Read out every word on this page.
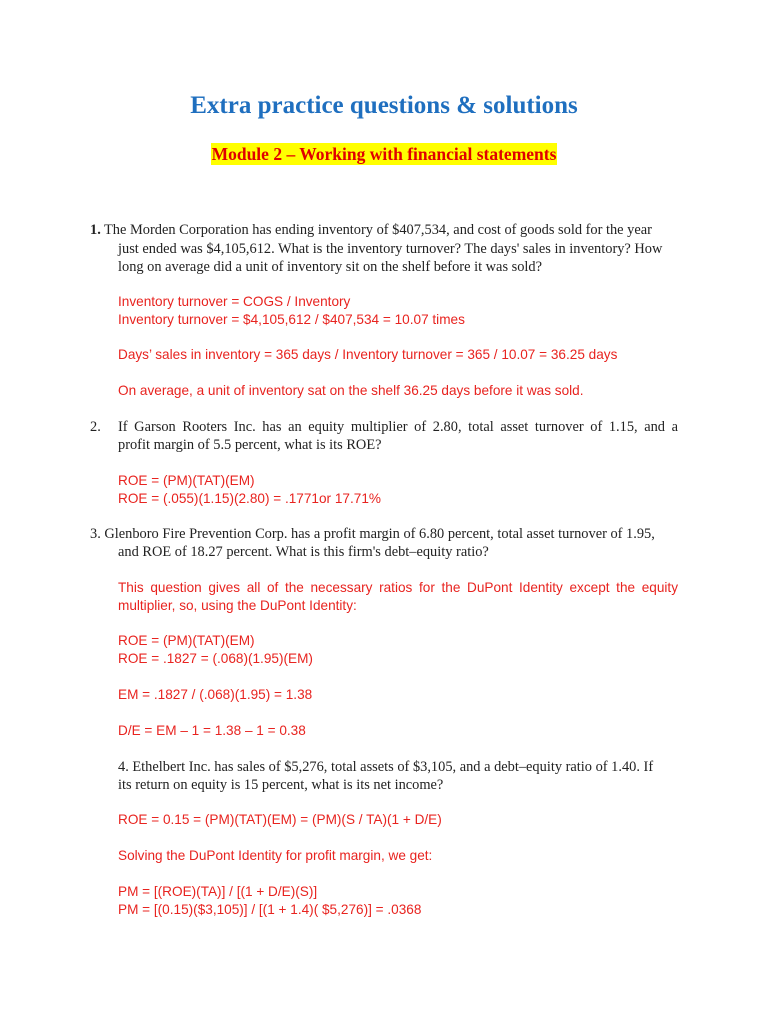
Extra practice questions & solutions
Module 2 – Working with financial statements
1. The Morden Corporation has ending inventory of $407,534, and cost of goods sold for the year
just ended was $4,105,612. What is the inventory turnover? The days' sales in inventory? How
long on average did a unit of inventory sit on the shelf before it was sold?
Inventory turnover = COGS / Inventory
Inventory turnover = $4,105,612 / $407,534 = 10.07 times
Days’ sales in inventory = 365 days / Inventory turnover = 365 / 10.07 = 36.25 days
On average, a unit of inventory sat on the shelf 36.25 days before it was sold.
2. If Garson Rooters Inc. has an equity multiplier of 2.80, total asset turnover of 1.15, and a
profit margin of 5.5 percent, what is its ROE?
ROE = (PM)(TAT)(EM)
ROE = (.055)(1.15)(2.80) = .1771or 17.71%
3. Glenboro Fire Prevention Corp. has a profit margin of 6.80 percent, total asset turnover of 1.95,
and ROE of 18.27 percent. What is this firm's debt–equity ratio?
This question gives all of the necessary ratios for the DuPont Identity except the equity
multiplier, so, using the DuPont Identity:
ROE = (PM)(TAT)(EM)
ROE = .1827 = (.068)(1.95)(EM)
EM = .1827 / (.068)(1.95) = 1.38
D/E = EM – 1 = 1.38 – 1 = 0.38
4. Ethelbert Inc. has sales of $5,276, total assets of $3,105, and a debt–equity ratio of 1.40. If
its return on equity is 15 percent, what is its net income?
ROE = 0.15 = (PM)(TAT)(EM) = (PM)(S / TA)(1 + D/E)
Solving the DuPont Identity for profit margin, we get:
PM = [(ROE)(TA)] / [(1 + D/E)(S)]
PM = [(0.15)($3,105)] / [(1 + 1.4)( $5,276)] = .0368
